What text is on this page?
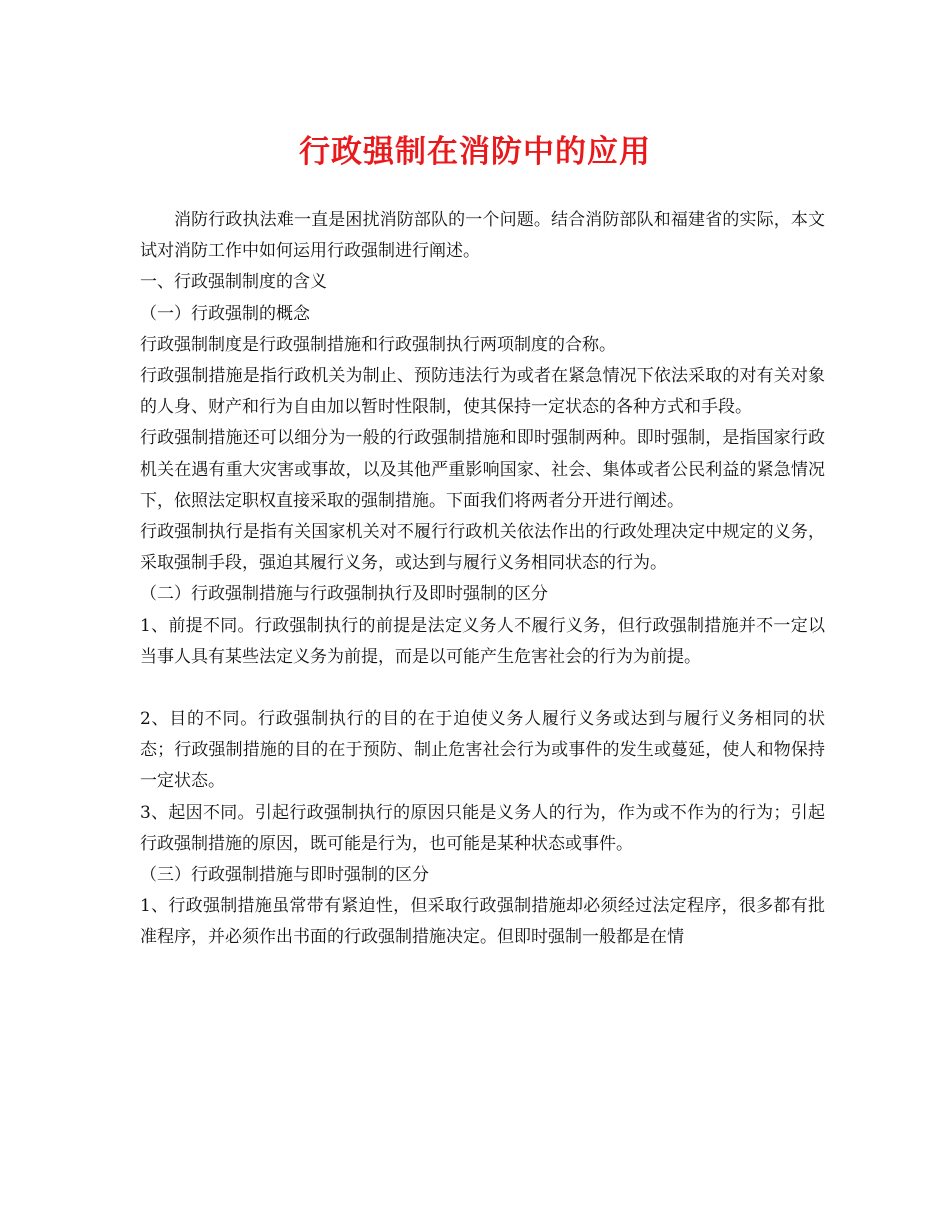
行政强制在消防中的应用

消防行政执法难一直是困扰消防部队的一个问题。结合消防部队和福建省的实际，本文试对消防工作中如何运用行政强制进行阐述。

一、行政强制制度的含义

（一）行政强制的概念

行政强制制度是行政强制措施和行政强制执行两项制度的合称。

行政强制措施是指行政机关为制止、预防违法行为或者在紧急情况下依法采取的对有关对象的人身、财产和行为自由加以暂时性限制，使其保持一定状态的各种方式和手段。

行政强制措施还可以细分为一般的行政强制措施和即时强制两种。即时强制，是指国家行政机关在遇有重大灾害或事故，以及其他严重影响国家、社会、集体或者公民利益的紧急情况下，依照法定职权直接采取的强制措施。下面我们将两者分开进行阐述。

行政强制执行是指有关国家机关对不履行行政机关依法作出的行政处理决定中规定的义务，采取强制手段，强迫其履行义务，或达到与履行义务相同状态的行为。

（二）行政强制措施与行政强制执行及即时强制的区分

1、前提不同。行政强制执行的前提是法定义务人不履行义务，但行政强制措施并不一定以当事人具有某些法定义务为前提，而是以可能产生危害社会的行为为前提。

2、目的不同。行政强制执行的目的在于迫使义务人履行义务或达到与履行义务相同的状态；行政强制措施的目的在于预防、制止危害社会行为或事件的发生或蔓延，使人和物保持一定状态。

3、起因不同。引起行政强制执行的原因只能是义务人的行为，作为或不作为的行为；引起行政强制措施的原因，既可能是行为，也可能是某种状态或事件。

（三）行政强制措施与即时强制的区分

1、行政强制措施虽常带有紧迫性，但采取行政强制措施却必须经过法定程序，很多都有批准程序，并必须作出书面的行政强制措施决定。但即时强制一般都是在情
